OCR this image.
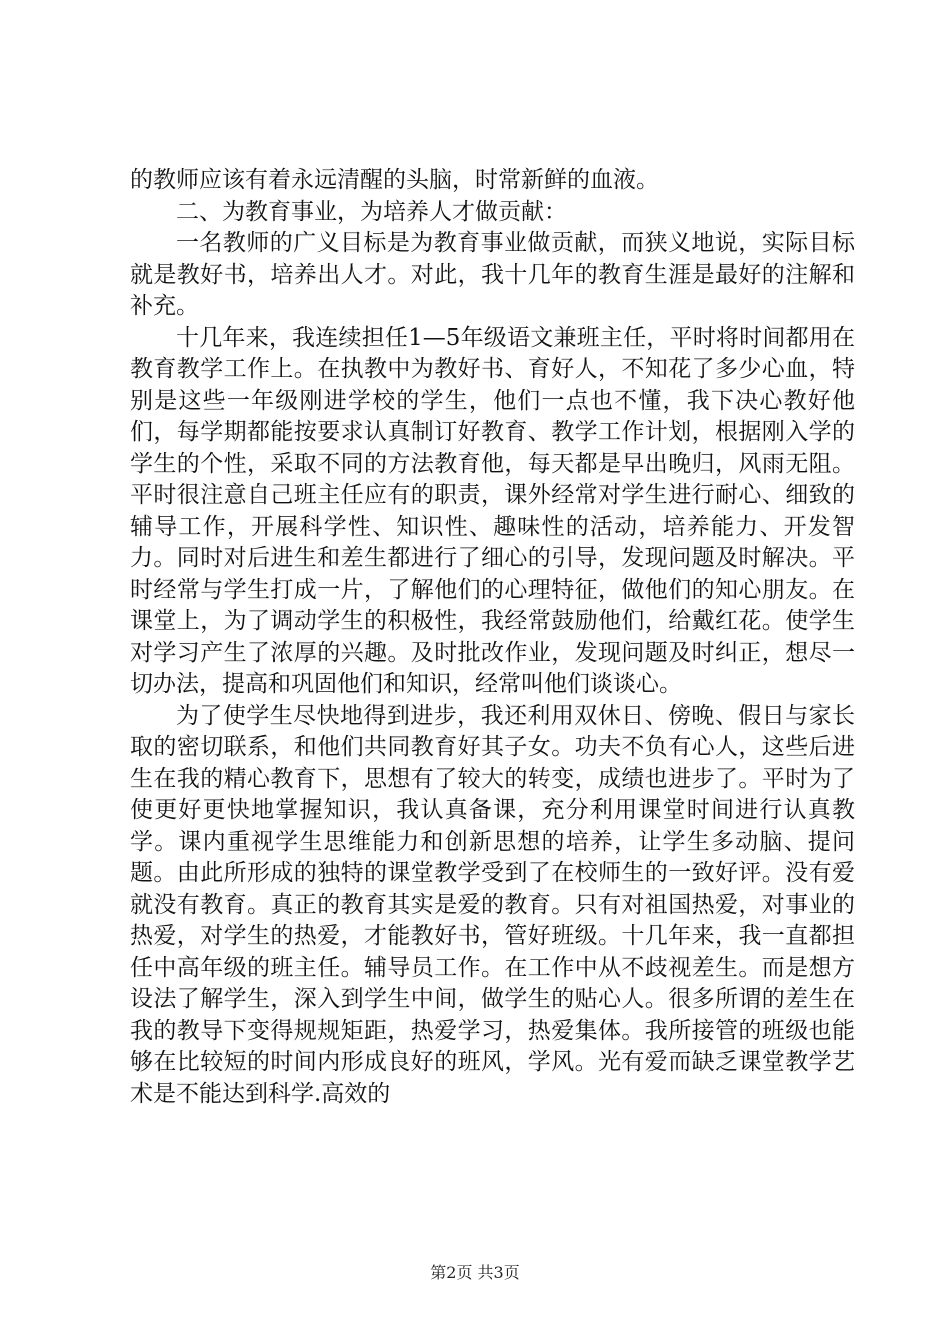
的教师应该有着永远清醒的头脑，时常新鲜的血液。

二、为教育事业，为培养人才做贡献：

一名教师的广义目标是为教育事业做贡献，而狭义地说，实际目标就是教好书，培养出人才。对此，我十几年的教育生涯是最好的注解和补充。

十几年来，我连续担任1—5年级语文兼班主任，平时将时间都用在教育教学工作上。在执教中为教好书、育好人，不知花了多少心血，特别是这些一年级刚进学校的学生，他们一点也不懂，我下决心教好他们，每学期都能按要求认真制订好教育、教学工作计划，根据刚入学的学生的个性，采取不同的方法教育他，每天都是早出晚归，风雨无阻。平时很注意自己班主任应有的职责，课外经常对学生进行耐心、细致的辅导工作，开展科学性、知识性、趣味性的活动，培养能力、开发智力。同时对后进生和差生都进行了细心的引导，发现问题及时解决。平时经常与学生打成一片，了解他们的心理特征，做他们的知心朋友。在课堂上，为了调动学生的积极性，我经常鼓励他们，给戴红花。使学生对学习产生了浓厚的兴趣。及时批改作业，发现问题及时纠正，想尽一切办法，提高和巩固他们和知识，经常叫他们谈谈心。

为了使学生尽快地得到进步，我还利用双休日、傍晚、假日与家长取的密切联系，和他们共同教育好其子女。功夫不负有心人，这些后进生在我的精心教育下，思想有了较大的转变，成绩也进步了。平时为了使更好更快地掌握知识，我认真备课，充分利用课堂时间进行认真教学。课内重视学生思维能力和创新思想的培养，让学生多动脑、提问题。由此所形成的独特的课堂教学受到了在校师生的一致好评。没有爱就没有教育。真正的教育其实是爱的教育。只有对祖国热爱，对事业的热爱，对学生的热爱，才能教好书，管好班级。十几年来，我一直都担任中高年级的班主任。辅导员工作。在工作中从不歧视差生。而是想方设法了解学生，深入到学生中间，做学生的贴心人。很多所谓的差生在我的教导下变得规规矩距，热爱学习，热爱集体。我所接管的班级也能够在比较短的时间内形成良好的班风，学风。光有爱而缺乏课堂教学艺术是不能达到科学.高效的

第2页 共3页
